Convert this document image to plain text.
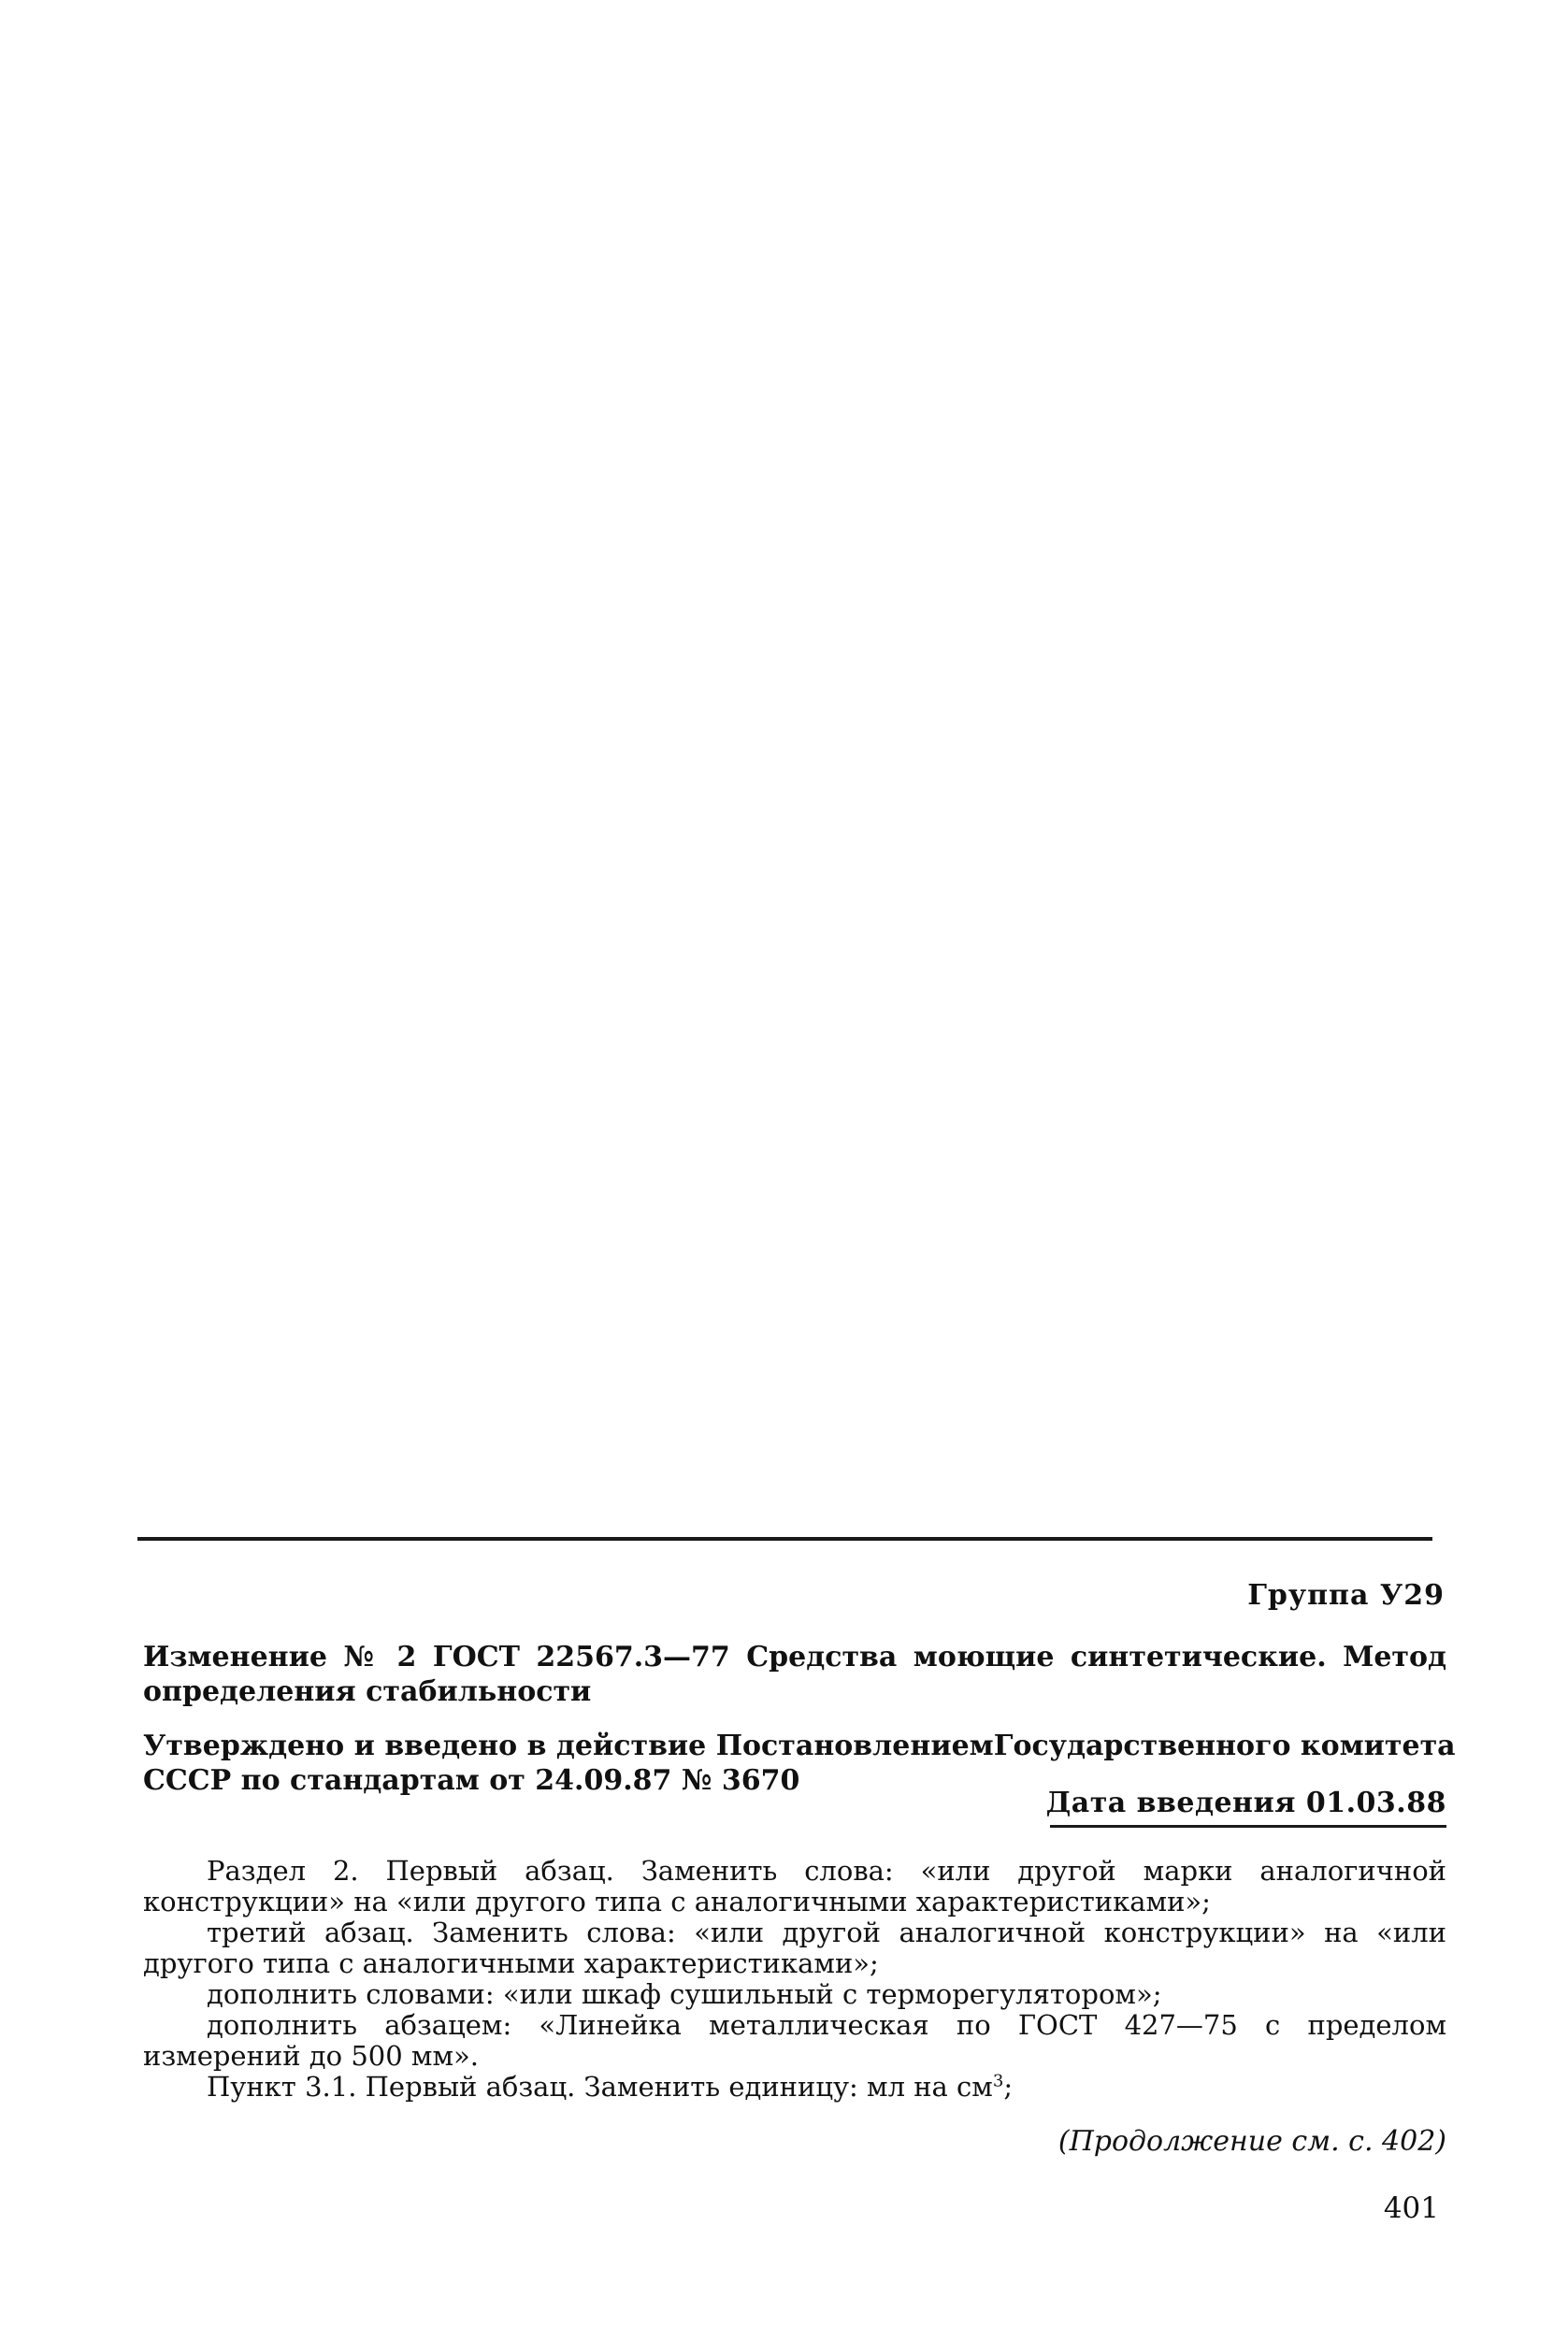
Группа У29
Изменение № 2 ГОСТ 22567.3—77 Средства моющие синтетические. Метод определения стабильности
Утверждено и введено в действие Постановлением Государственного комитета
СССР по стандартам от 24.09.87 № 3670
Дата введения 01.03.88

Раздел 2. Первый абзац. Заменить слова: «или другой марки аналогичной конструкции» на «или другого типа с аналогичными характеристиками»;

третий абзац. Заменить слова: «или другой аналогичной конструкции» на «или другого типа с аналогичными характеристиками»;

дополнить словами: «или шкаф сушильный с терморегулятором»;

дополнить абзацем: «Линейка металлическая по ГОСТ 427—75 с пределом измерений до 500 мм».

Пункт 3.1. Первый абзац. Заменить единицу: мл на $см^3$;

(Продолжение см. с. 402)
401
